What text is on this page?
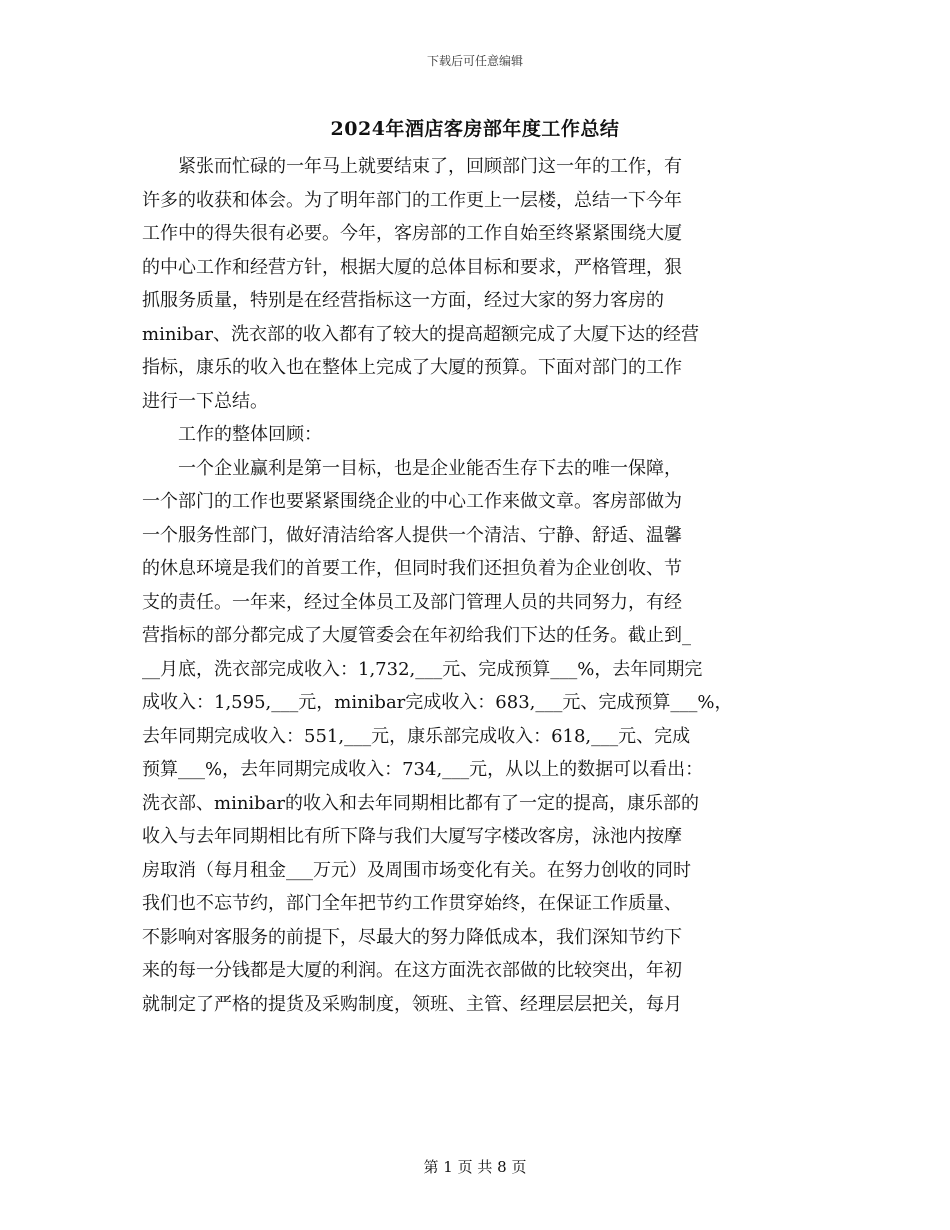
下载后可任意编辑
2024年酒店客房部年度工作总结
　　紧张而忙碌的一年马上就要结束了，回顾部门这一年的工作，有
许多的收获和体会。为了明年部门的工作更上一层楼，总结一下今年
工作中的得失很有必要。今年，客房部的工作自始至终紧紧围绕大厦
的中心工作和经营方针，根据大厦的总体目标和要求，严格管理，狠
抓服务质量，特别是在经营指标这一方面，经过大家的努力客房的
minibar、洗衣部的收入都有了较大的提高超额完成了大厦下达的经营
指标，康乐的收入也在整体上完成了大厦的预算。下面对部门的工作
进行一下总结。
　　工作的整体回顾：
　　一个企业赢利是第一目标，也是企业能否生存下去的唯一保障，
一个部门的工作也要紧紧围绕企业的中心工作来做文章。客房部做为
一个服务性部门，做好清洁给客人提供一个清洁、宁静、舒适、温馨
的休息环境是我们的首要工作，但同时我们还担负着为企业创收、节
支的责任。一年来，经过全体员工及部门管理人员的共同努力，有经
营指标的部分都完成了大厦管委会在年初给我们下达的任务。截止到_
__月底，洗衣部完成收入：1,732,___元、完成预算___%，去年同期完
成收入：1,595,___元，minibar完成收入：683,___元、完成预算___%，
去年同期完成收入：551,___元，康乐部完成收入：618,___元、完成
预算___%，去年同期完成收入：734,___元，从以上的数据可以看出：
洗衣部、minibar的收入和去年同期相比都有了一定的提高，康乐部的
收入与去年同期相比有所下降与我们大厦写字楼改客房，泳池内按摩
房取消（每月租金___万元）及周围市场变化有关。在努力创收的同时
我们也不忘节约，部门全年把节约工作贯穿始终，在保证工作质量、
不影响对客服务的前提下，尽最大的努力降低成本，我们深知节约下
来的每一分钱都是大厦的利润。在这方面洗衣部做的比较突出，年初
就制定了严格的提货及采购制度，领班、主管、经理层层把关，每月
第 1 页 共 8 页
